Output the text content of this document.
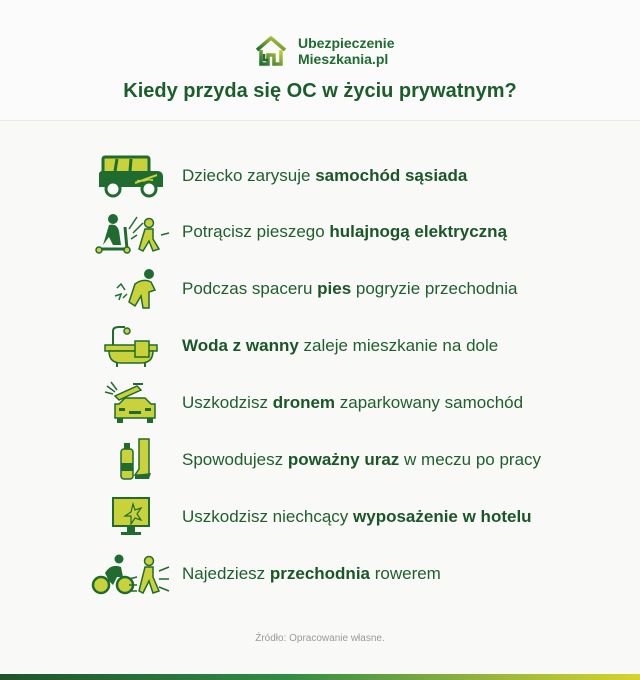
Ubezpieczenie
Mieszkania.pl
Kiedy przyda się OC w życiu prywatnym?
Dziecko zarysuje samochód sąsiada
Potrącisz pieszego hulajnogą elektryczną
Podczas spaceru pies pogryzie przechodnia
Woda z wanny zaleje mieszkanie na dole
Uszkodzisz dronem zaparkowany samochód
Spowodujesz poważny uraz w meczu po pracy
Uszkodzisz niechcący wyposażenie w hotelu
Najedziesz przechodnia rowerem
Źródło: Opracowanie własne.
